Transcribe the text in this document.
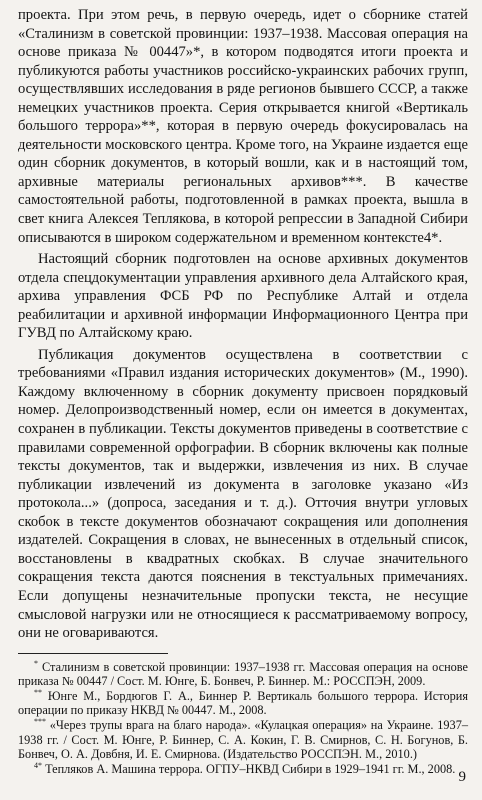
проекта. При этом речь, в первую очередь, идет о сборнике статей «Сталинизм в советской провинции: 1937–1938. Массовая операция на основе приказа № 00447»*, в котором подводятся итоги проекта и публикуются работы участников российско-украинских рабочих групп, осуществлявших исследования в ряде регионов бывшего СССР, а также немецких участников проекта. Серия открывается книгой «Вертикаль большого террора»**, которая в первую очередь фокусировалась на деятельности московского центра. Кроме того, на Украине издается еще один сборник документов, в который вошли, как и в настоящий том, архивные материалы региональных архивов***. В качестве самостоятельной работы, подготовленной в рамках проекта, вышла в свет книга Алексея Теплякова, в которой репрессии в Западной Сибири описываются в широком содержательном и временном контексте4*.

Настоящий сборник подготовлен на основе архивных документов отдела спецдокументации управления архивного дела Алтайского края, архива управления ФСБ РФ по Республике Алтай и отдела реабилитации и архивной информации Информационного Центра при ГУВД по Алтайскому краю.

Публикация документов осуществлена в соответствии с требованиями «Правил издания исторических документов» (М., 1990). Каждому включенному в сборник документу присвоен порядковый номер. Делопроизводственный номер, если он имеется в документах, сохранен в публикации. Тексты документов приведены в соответствие с правилами современной орфографии. В сборник включены как полные тексты документов, так и выдержки, извлечения из них. В случае публикации извлечений из документа в заголовке указано «Из протокола...» (допроса, заседания и т. д.). Отточия внутри угловых скобок в тексте документов обозначают сокращения или дополнения издателей. Сокращения в словах, не вынесенных в отдельный список, восстановлены в квадратных скобках. В случае значительного сокращения текста даются пояснения в текстуальных примечаниях. Если допущены незначительные пропуски текста, не несущие смысловой нагрузки или не относящиеся к рассматриваемому вопросу, они не оговариваются.

* Сталинизм в советской провинции: 1937–1938 гг. Массовая операция на основе приказа № 00447 / Сост. М. Юнге, Б. Бонвеч, Р. Биннер. М.: РОССПЭН, 2009.

** Юнге М., Бордюгов Г. А., Биннер Р. Вертикаль большого террора. История операции по приказу НКВД № 00447. М., 2008.

*** «Через трупы врага на благо народа». «Кулацкая операция» на Украине. 1937–1938 гг. / Сост. М. Юнге, Р. Биннер, С. А. Кокин, Г. В. Смирнов, С. Н. Богунов, Б. Бонвеч, О. А. Довбня, И. Е. Смирнова. (Издательство РОССПЭН. М., 2010.)

$^{4*}$ Тепляков А. Машина террора. ОГПУ–НКВД Сибири в 1929–1941 гг. М., 2008.

9
